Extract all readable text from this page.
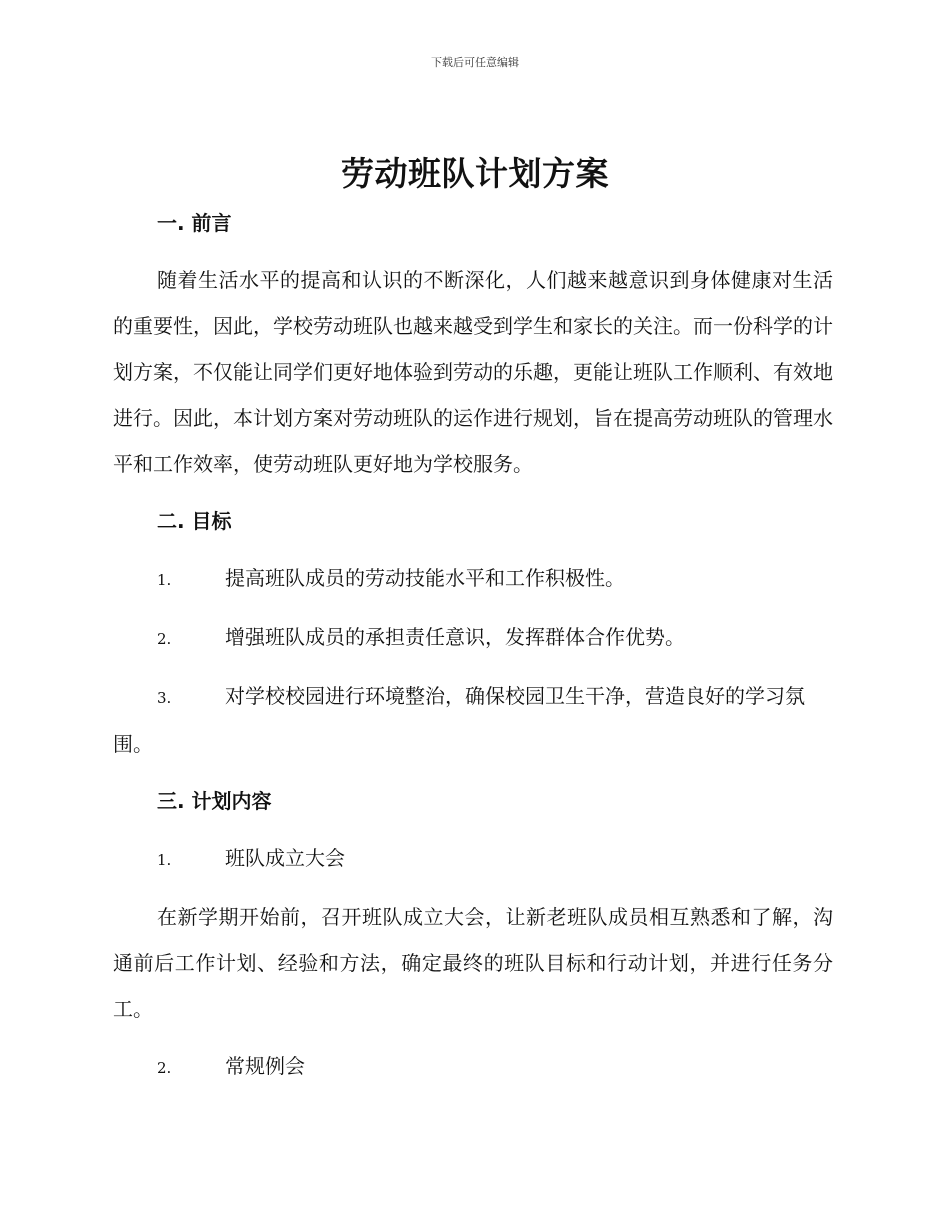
下载后可任意编辑
劳动班队计划方案
一. 前言

随着生活水平的提高和认识的不断深化，人们越来越意识到身体健康对生活的重要性，因此，学校劳动班队也越来越受到学生和家长的关注。而一份科学的计划方案，不仅能让同学们更好地体验到劳动的乐趣，更能让班队工作顺利、有效地进行。因此，本计划方案对劳动班队的运作进行规划，旨在提高劳动班队的管理水平和工作效率，使劳动班队更好地为学校服务。

二. 目标

1.	提高班队成员的劳动技能水平和工作积极性。

2.	增强班队成员的承担责任意识，发挥群体合作优势。

3.	对学校校园进行环境整治，确保校园卫生干净，营造良好的学习氛围。

三. 计划内容

1.	班队成立大会

在新学期开始前，召开班队成立大会，让新老班队成员相互熟悉和了解，沟通前后工作计划、经验和方法，确定最终的班队目标和行动计划，并进行任务分工。

2.	常规例会
